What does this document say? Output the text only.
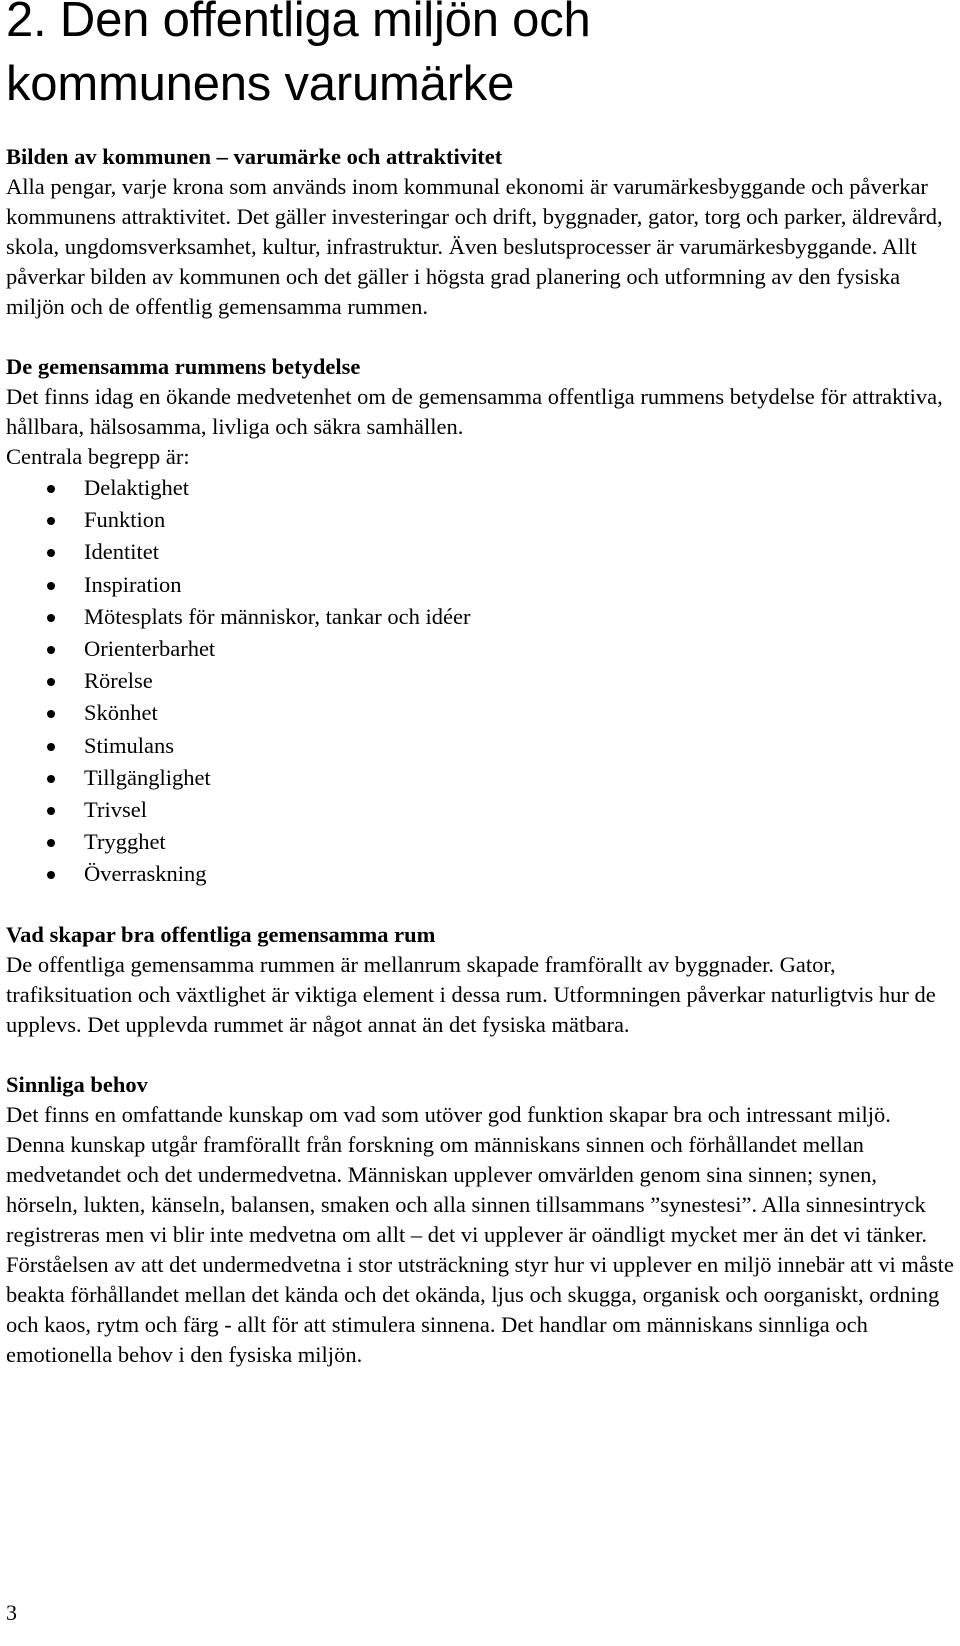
2. Den offentliga miljön och
kommunens varumärke
Bilden av kommunen – varumärke och attraktivitet
Alla pengar, varje krona som används inom kommunal ekonomi är varumärkesbyggande och påverkar kommunens attraktivitet. Det gäller investeringar och drift, byggnader, gator, torg och parker, äldrevård, skola, ungdomsverksamhet, kultur, infrastruktur. Även beslutsprocesser är varumärkesbyggande. Allt påverkar bilden av kommunen och det gäller i högsta grad planering och utformning av den fysiska miljön och de offentlig gemensamma rummen.
De gemensamma rummens betydelse
Det finns idag en ökande medvetenhet om de gemensamma offentliga rummens betydelse för attraktiva, hållbara, hälsosamma, livliga och säkra samhällen.
Centrala begrepp är:
Delaktighet
Funktion
Identitet
Inspiration
Mötesplats för människor, tankar och idéer
Orienterbarhet
Rörelse
Skönhet
Stimulans
Tillgänglighet
Trivsel
Trygghet
Överraskning
Vad skapar bra offentliga gemensamma rum
De offentliga gemensamma rummen är mellanrum skapade framförallt av byggnader. Gator, trafiksituation och växtlighet är viktiga element i dessa rum. Utformningen påverkar naturligtvis hur de upplevs. Det upplevda rummet är något annat än det fysiska mätbara.
Sinnliga behov
Det finns en omfattande kunskap om vad som utöver god funktion skapar bra och intressant miljö. Denna kunskap utgår framförallt från forskning om människans sinnen och förhållandet mellan medvetandet och det undermedvetna. Människan upplever omvärlden genom sina sinnen; synen, hörseln, lukten, känseln, balansen, smaken och alla sinnen tillsammans ”synestesi”. Alla sinnesintryck registreras men vi blir inte medvetna om allt – det vi upplever är oändligt mycket mer än det vi tänker. Förståelsen av att det undermedvetna i stor utsträckning styr hur vi upplever en miljö innebär att vi måste beakta förhållandet mellan det kända och det okända, ljus och skugga, organisk och oorganiskt, ordning och kaos, rytm och färg - allt för att stimulera sinnena. Det handlar om människans sinnliga och emotionella behov i den fysiska miljön.
3
